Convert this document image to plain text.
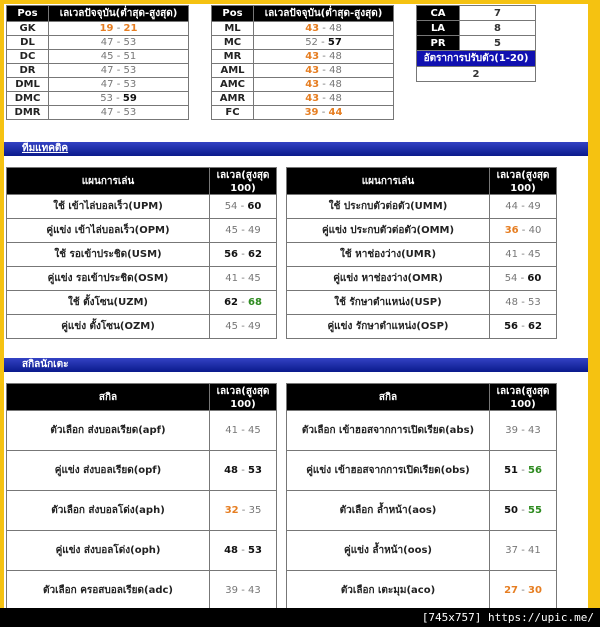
Pos	เลเวลปัจจุบัน(ต่ำสุด-สูงสุด)
GK	19 - 21
DL	47 - 53
DC	45 - 51
DR	47 - 53
DML	47 - 53
DMC	53 - 59
DMR	47 - 53
Pos	เลเวลปัจจุบัน(ต่ำสุด-สูงสุด)
ML	43 - 48
MC	52 - 57
MR	43 - 48
AML	43 - 48
AMC	43 - 48
AMR	43 - 48
FC	39 - 44
CA	7
LA	8
PR	5
อัตราการปรับตัว(1-20)	
2	
ทีมแทคติค
แผนการเล่น	เลเวล(สูงสุด 100)
ใช้ เข้าไล่บอลเร็ว(UPM)	54 - 60
คู่แข่ง เข้าไล่บอลเร็ว(OPM)	45 - 49
ใช้ รอเข้าประชิด(USM)	56 - 62
คู่แข่ง รอเข้าประชิด(OSM)	41 - 45
ใช้ ตั้งโซน(UZM)	62 - 68
คู่แข่ง ตั้งโซน(OZM)	45 - 49
แผนการเล่น	เลเวล(สูงสุด 100)
ใช้ ประกบตัวต่อตัว(UMM)	44 - 49
คู่แข่ง ประกบตัวต่อตัว(OMM)	36 - 40
ใช้ หาช่องว่าง(UMR)	41 - 45
คู่แข่ง หาช่องว่าง(OMR)	54 - 60
ใช้ รักษาตำแหน่ง(USP)	48 - 53
คู่แข่ง รักษาตำแหน่ง(OSP)	56 - 62
สกิลนักเตะ
สกิล	เลเวล(สูงสุด 100)
ตัวเลือก ส่งบอลเรียด(apf)	41 - 45
คู่แข่ง ส่งบอลเรียด(opf)	48 - 53
ตัวเลือก ส่งบอลโด่ง(aph)	32 - 35
คู่แข่ง ส่งบอลโด่ง(oph)	48 - 53
ตัวเลือก ครอสบอลเรียด(adc)	39 - 43
สกิล	เลเวล(สูงสุด 100)
ตัวเลือก เข้าฮอสจากการเปิดเรียด(abs)	39 - 43
คู่แข่ง เข้าฮอสจากการเปิดเรียด(obs)	51 - 56
ตัวเลือก ล้ำหน้า(aos)	50 - 55
คู่แข่ง ล้ำหน้า(oos)	37 - 41
ตัวเลือก เตะมุม(aco)	27 - 30
[745x757] https://upic.me/
